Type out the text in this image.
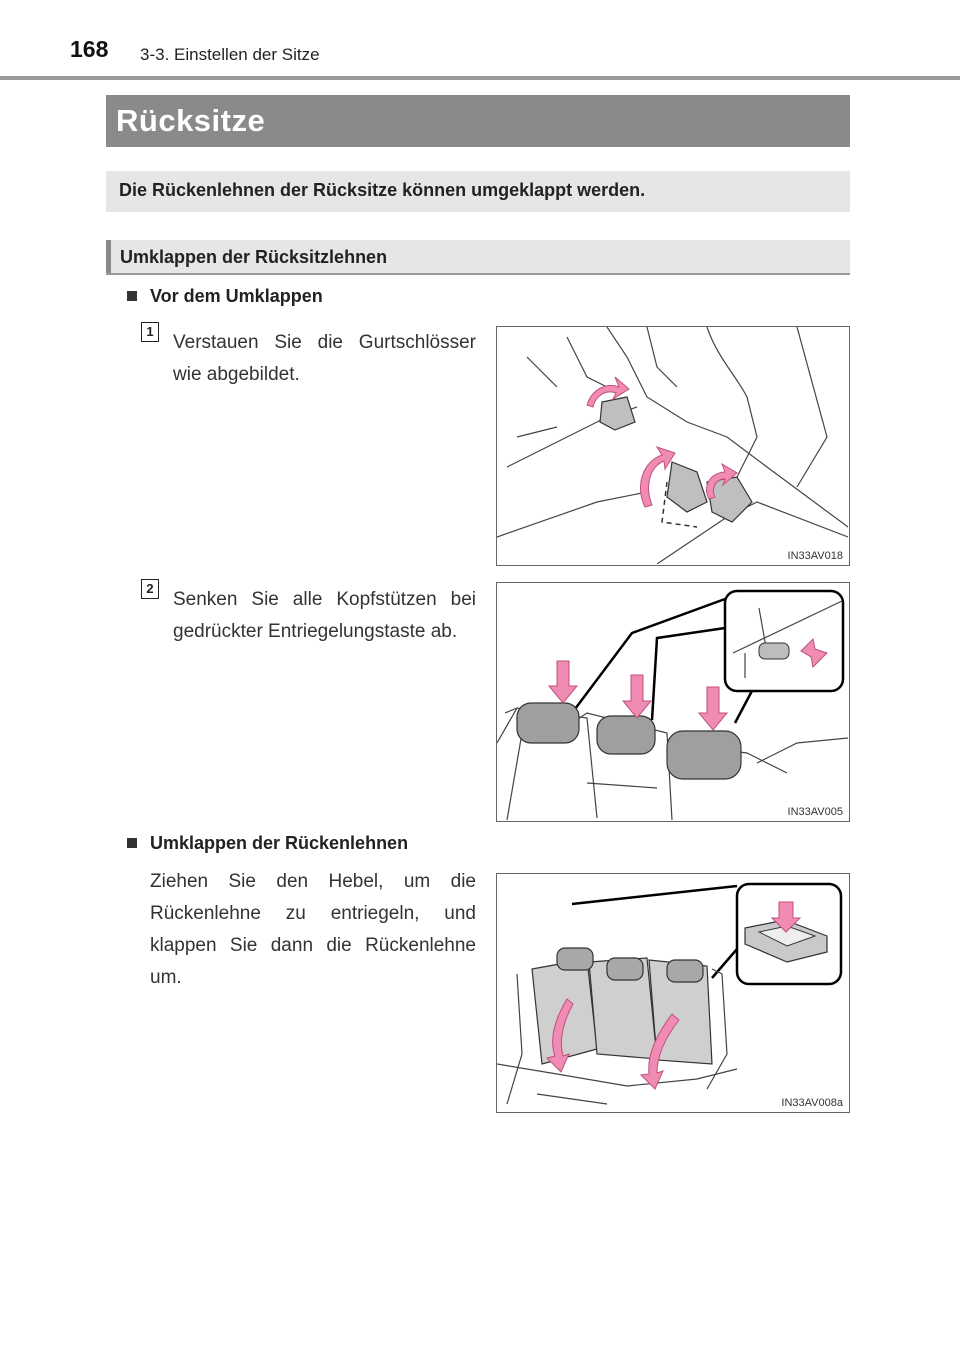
168 3-3. Einstellen der Sitze
Rücksitze
Die Rückenlehnen der Rücksitze können umgeklappt werden.
Umklappen der Rücksitzlehnen
Vor dem Umklappen
1
Verstauen Sie die Gurtschlösser wie abgebildet.
IN33AV018
2
Senken Sie alle Kopfstützen bei gedrückter Entriegelungstaste ab.
IN33AV005
Umklappen der Rückenlehnen
Ziehen Sie den Hebel, um die Rückenlehne zu entriegeln, und klappen Sie dann die Rückenlehne um.
IN33AV008a
